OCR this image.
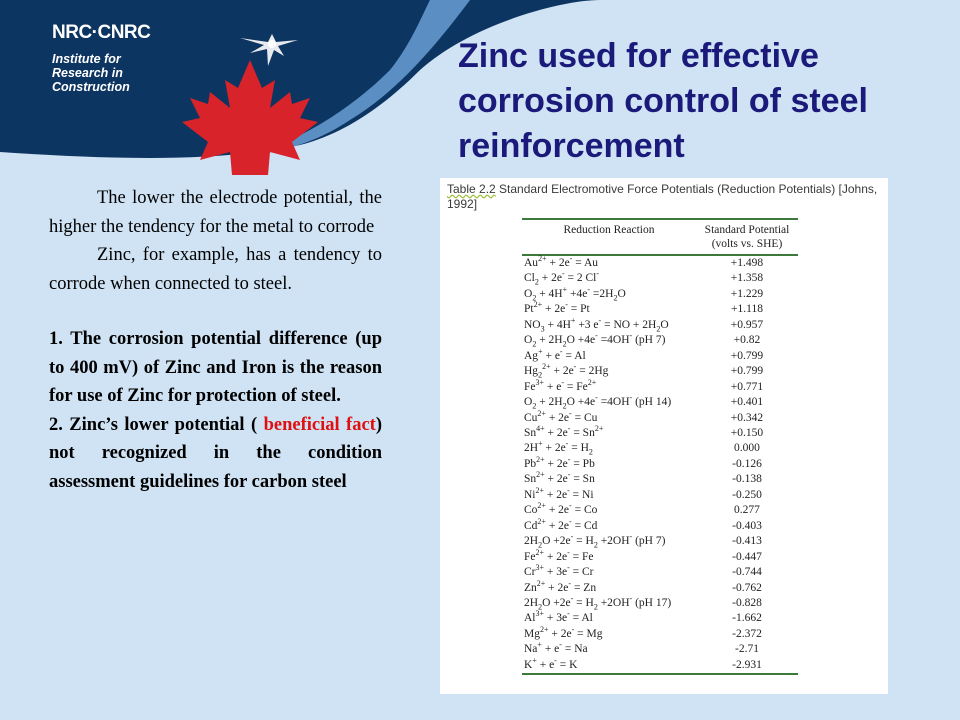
NRC·CNRC
Institute for
Research in
Construction
Zinc used for effective corrosion control of steel reinforcement

The lower the electrode potential, the higher the tendency for the metal to corrode

Zinc, for example, has a tendency to corrode when connected to steel.

1. The corrosion potential difference (up to 400 mV) of Zinc and Iron is the reason for use of Zinc for protection of steel.

2. Zinc’s lower potential ( beneficial fact) not recognized in the condition assessment guidelines for carbon steel

Table 2.2 Standard Electromotive Force Potentials (Reduction Potentials) [Johns, 1992]
Reduction Reaction	Standard Potential
(volts vs. SHE)
$Au^{2+} + 2e^- = Au$	+1.498
$Cl_2 + 2e^- = 2$ Cl-	+1.358
$O_2 + 4H^+ +4e^- =2H_2O$	+1.229
$Pt^{2+} + 2e^- = Pt$	+1.118
$NO_3 + 4H^+ +3$ e- = NO + $2H_2O$	+0.957
$O_2 + 2H_2O +4e^- =4OH^-$ (pH 7)	+0.82
Ag+ + e- = Al	+0.799
$Hg_2^{2+} + 2e^- = 2Hg$	+0.799
$Fe^{3+} + e^- = Fe^{2+}$	+0.771
$O_2 + 2H_2O +4e^- =4OH^-$ (pH 14)	+0.401
$Cu^{2+} + 2e^- = Cu$	+0.342
$Sn^{4+} + 2e^- = Sn^{2+}$	+0.150
$2H^+ + 2e^- = H_2$	0.000
$Pb^{2+} + 2e^- = Pb$	-0.126
$Sn^{2+} + 2e^- = Sn$	-0.138
$Ni^{2+} + 2e^- = Ni$	-0.250
$Co^{2+} + 2e^- = Co$	0.277
$Cd^{2+} + 2e^- = Cd$	-0.403
$2H_2O +2e^- = H_2 +2OH^-$ (pH 7)	-0.413
$Fe^{2+} + 2e^- = Fe$	-0.447
$Cr^{3+} + 3e^- = Cr$	-0.744
$Zn^{2+} + 2e^- = Zn$	-0.762
$2H_2O +2e^- = H_2 +2OH^-$ (pH 17)	-0.828
$Al^{3+} + 3e^- = Al$	-1.662
$Mg^{2+} + 2e^- = Mg$	-2.372
Na+ + e- = Na	-2.71
K+ + e- = K	-2.931
